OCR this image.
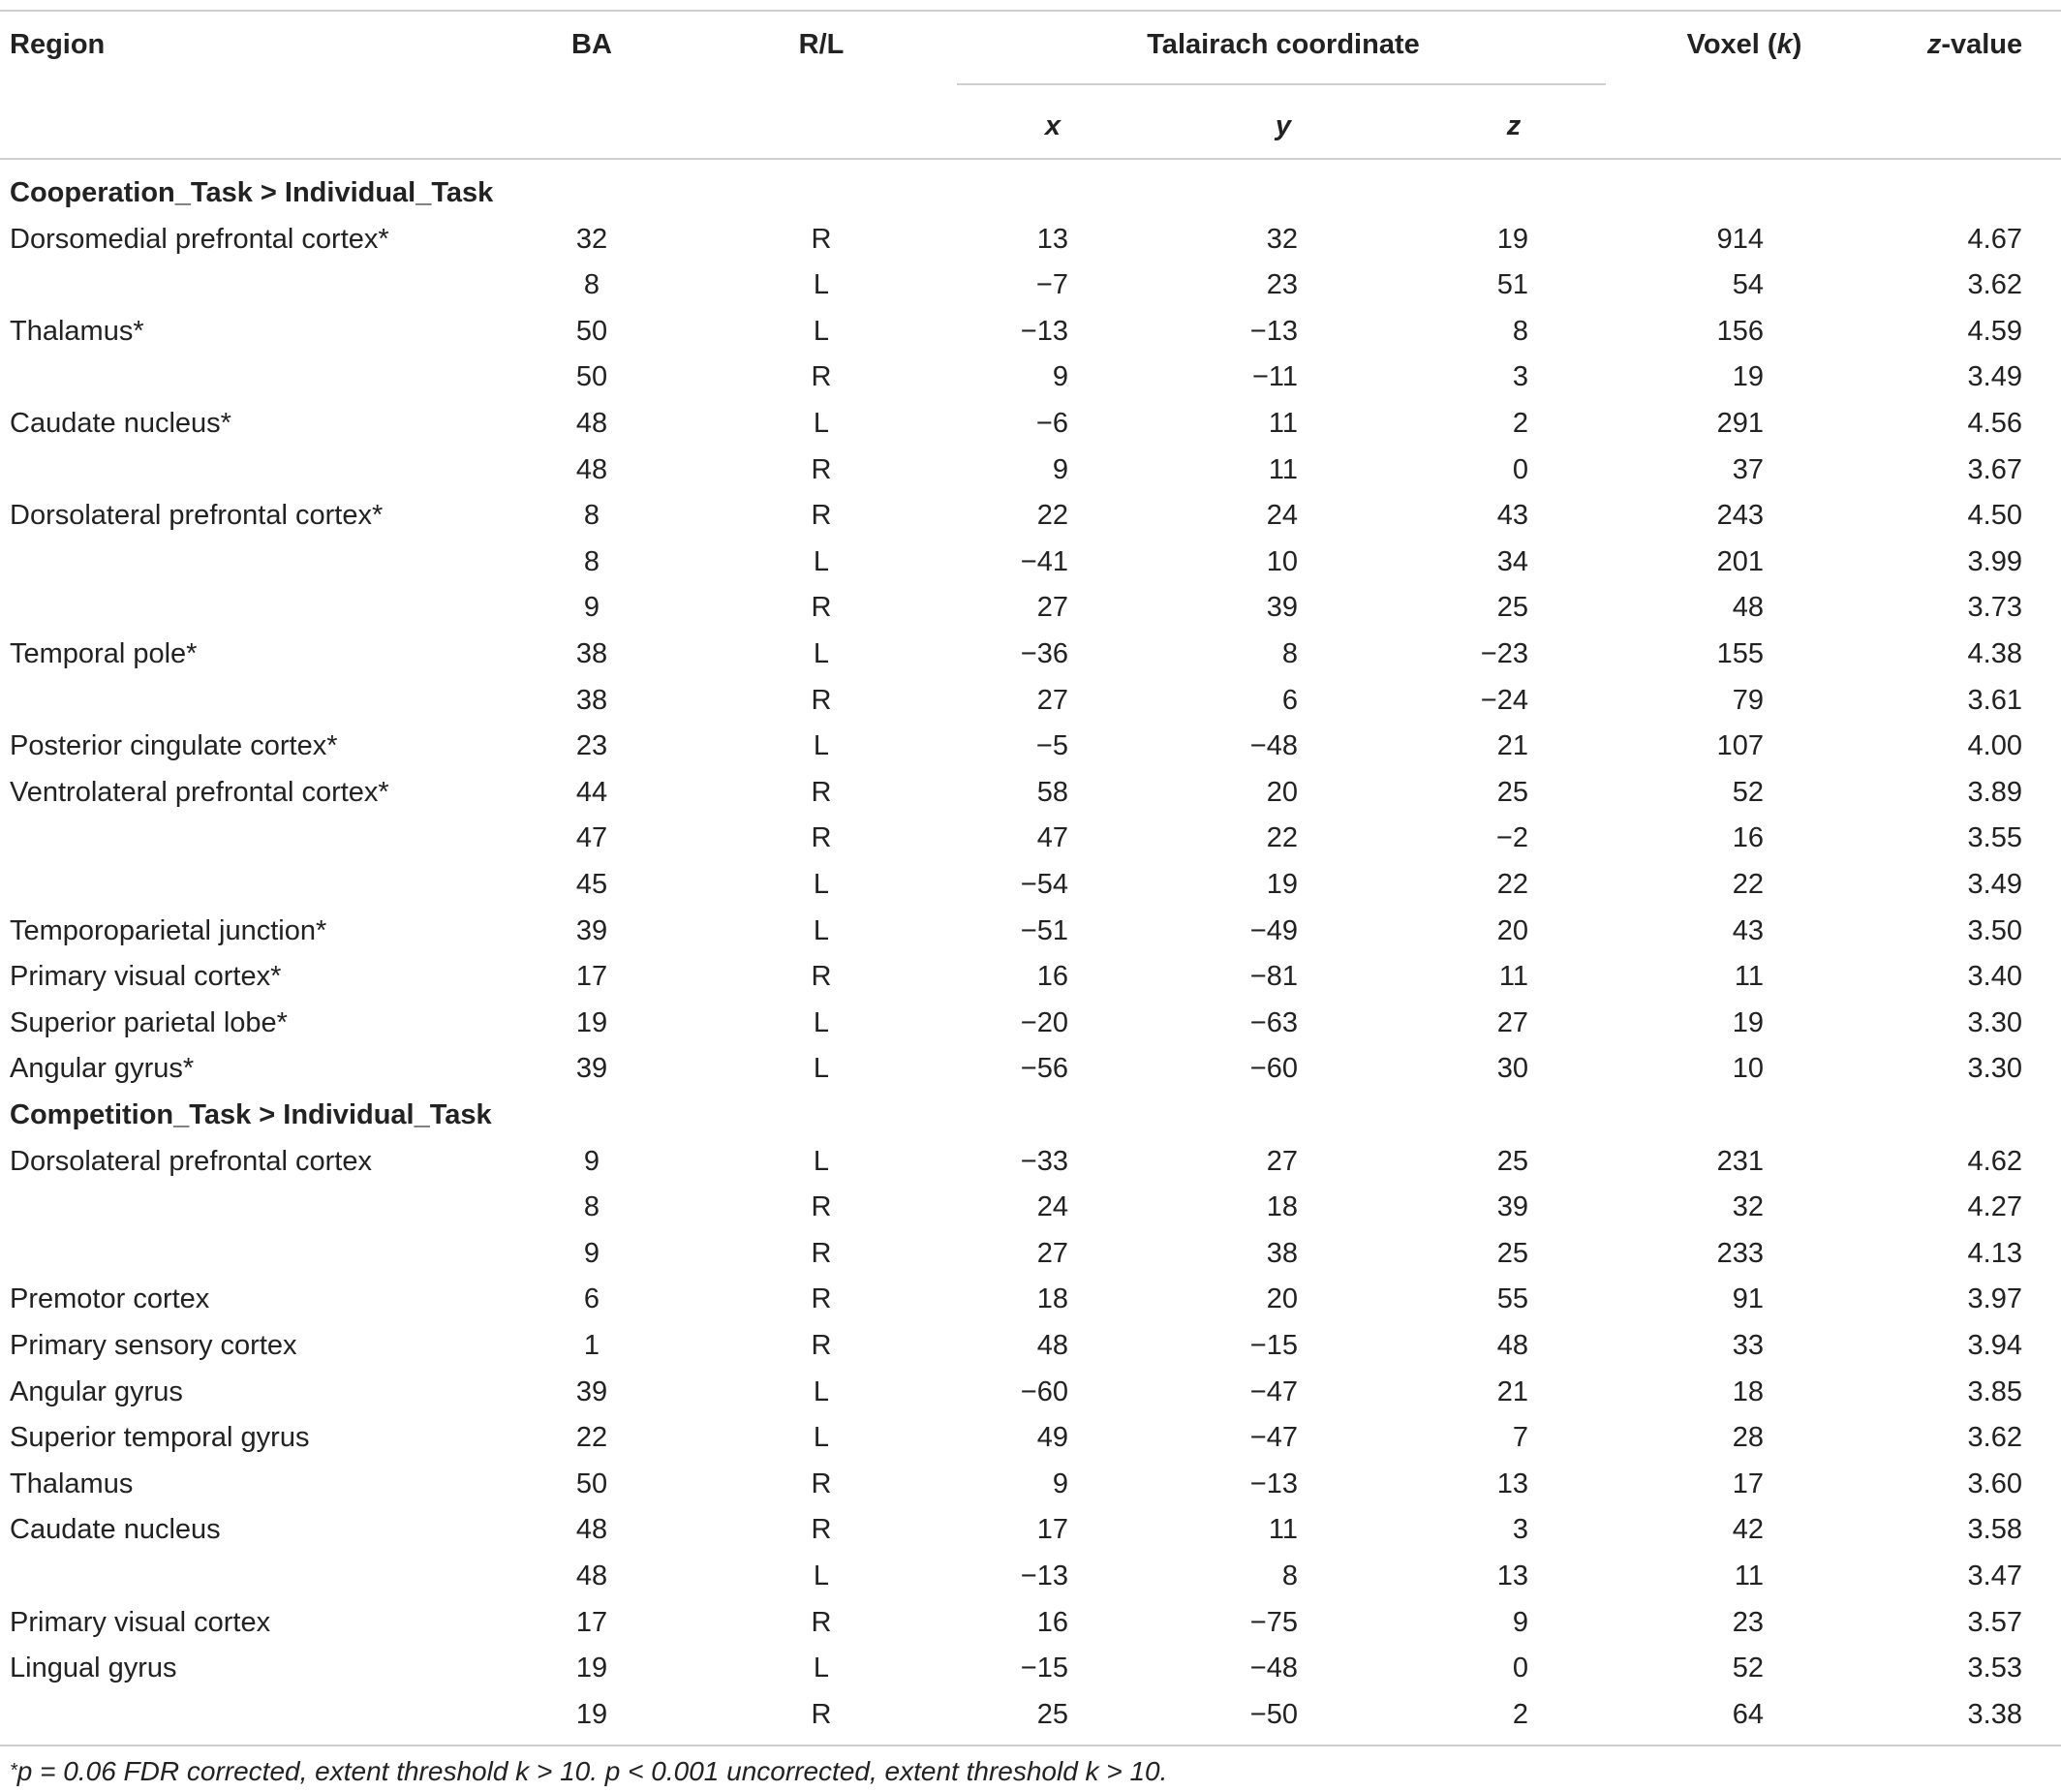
Region	BA	R/L	Talairach coordinate
x	y	z
Voxel (k)	z-value
Cooperation_Task > Individual_Task
Dorsomedial prefrontal cortex*	32	R	13	32	19	914	4.67
8	L	−7	23	51	54	3.62
Thalamus*	50	L	−13	−13	8	156	4.59
50	R	9	−11	3	19	3.49
Caudate nucleus*	48	L	−6	11	2	291	4.56
48	R	9	11	0	37	3.67
Dorsolateral prefrontal cortex*	8	R	22	24	43	243	4.50
8	L	−41	10	34	201	3.99
9	R	27	39	25	48	3.73
Temporal pole*	38	L	−36	8	−23	155	4.38
38	R	27	6	−24	79	3.61
Posterior cingulate cortex*	23	L	−5	−48	21	107	4.00
Ventrolateral prefrontal cortex*	44	R	58	20	25	52	3.89
47	R	47	22	−2	16	3.55
45	L	−54	19	22	22	3.49
Temporoparietal junction*	39	L	−51	−49	20	43	3.50
Primary visual cortex*	17	R	16	−81	11	11	3.40
Superior parietal lobe*	19	L	−20	−63	27	19	3.30
Angular gyrus*	39	L	−56	−60	30	10	3.30
Competition_Task > Individual_Task
Dorsolateral prefrontal cortex	9	L	−33	27	25	231	4.62
8	R	24	18	39	32	4.27
9	R	27	38	25	233	4.13
Premotor cortex	6	R	18	20	55	91	3.97
Primary sensory cortex	1	R	48	−15	48	33	3.94
Angular gyrus	39	L	−60	−47	21	18	3.85
Superior temporal gyrus	22	L	49	−47	7	28	3.62
Thalamus	50	R	9	−13	13	17	3.60
Caudate nucleus	48	R	17	11	3	42	3.58
48	L	−13	8	13	11	3.47
Primary visual cortex	17	R	16	−75	9	23	3.57
Lingual gyrus	19	L	−15	−48	0	52	3.53
19	R	25	−50	2	64	3.38
*p = 0.06 FDR corrected, extent threshold k > 10. p < 0.001 uncorrected, extent threshold k > 10.
